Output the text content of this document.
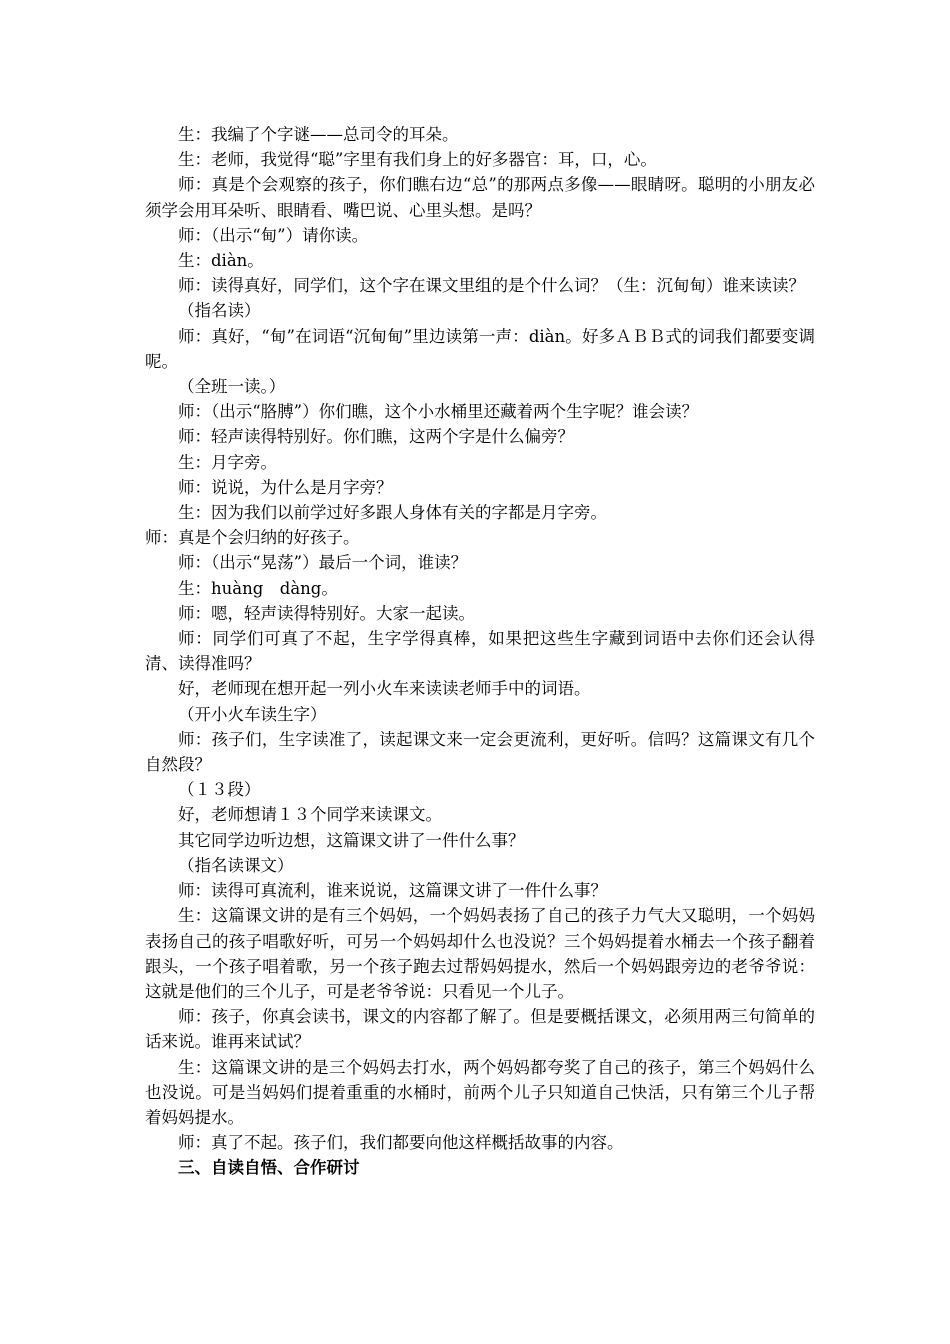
生：我编了个字谜——总司令的耳朵。

生：老师，我觉得“聪”字里有我们身上的好多器官：耳，口，心。

师：真是个会观察的孩子，你们瞧右边“总”的那两点多像——眼睛呀。聪明的小朋友必须学会用耳朵听、眼睛看、嘴巴说、心里头想。是吗？

师：（出示“甸”）请你读。

生：diàn。

师：读得真好，同学们，这个字在课文里组的是个什么词？（生：沉甸甸）谁来读读？

（指名读）

师：真好，“甸”在词语“沉甸甸”里边读第一声：diàn。好多ＡＢＢ式的词我们都要变调呢。

（全班一读。）

师：（出示“胳膊”）你们瞧，这个小水桶里还藏着两个生字呢？谁会读？

师：轻声读得特别好。你们瞧，这两个字是什么偏旁？

生：月字旁。

师：说说，为什么是月字旁？

生：因为我们以前学过好多跟人身体有关的字都是月字旁。

师：真是个会归纳的好孩子。

师：（出示“晃荡”）最后一个词，谁读？

生：huàng　dàng。

师：嗯，轻声读得特别好。大家一起读。

师：同学们可真了不起，生字学得真棒，如果把这些生字藏到词语中去你们还会认得清、读得准吗？

好，老师现在想开起一列小火车来读读老师手中的词语。

（开小火车读生字）

师：孩子们，生字读准了，读起课文来一定会更流利，更好听。信吗？这篇课文有几个自然段？

（１３段）

好，老师想请１３个同学来读课文。

其它同学边听边想，这篇课文讲了一件什么事？

（指名读课文）

师：读得可真流利，谁来说说，这篇课文讲了一件什么事？

生：这篇课文讲的是有三个妈妈，一个妈妈表扬了自己的孩子力气大又聪明，一个妈妈表扬自己的孩子唱歌好听，可另一个妈妈却什么也没说？三个妈妈提着水桶去一个孩子翻着跟头，一个孩子唱着歌，另一个孩子跑去过帮妈妈提水，然后一个妈妈跟旁边的老爷爷说：这就是他们的三个儿子，可是老爷爷说：只看见一个儿子。

师：孩子，你真会读书，课文的内容都了解了。但是要概括课文，必须用两三句简单的话来说。谁再来试试？

生：这篇课文讲的是三个妈妈去打水，两个妈妈都夸奖了自己的孩子，第三个妈妈什么也没说。可是当妈妈们提着重重的水桶时，前两个儿子只知道自己快活，只有第三个儿子帮着妈妈提水。

师：真了不起。孩子们，我们都要向他这样概括故事的内容。

三、自读自悟、合作研讨
